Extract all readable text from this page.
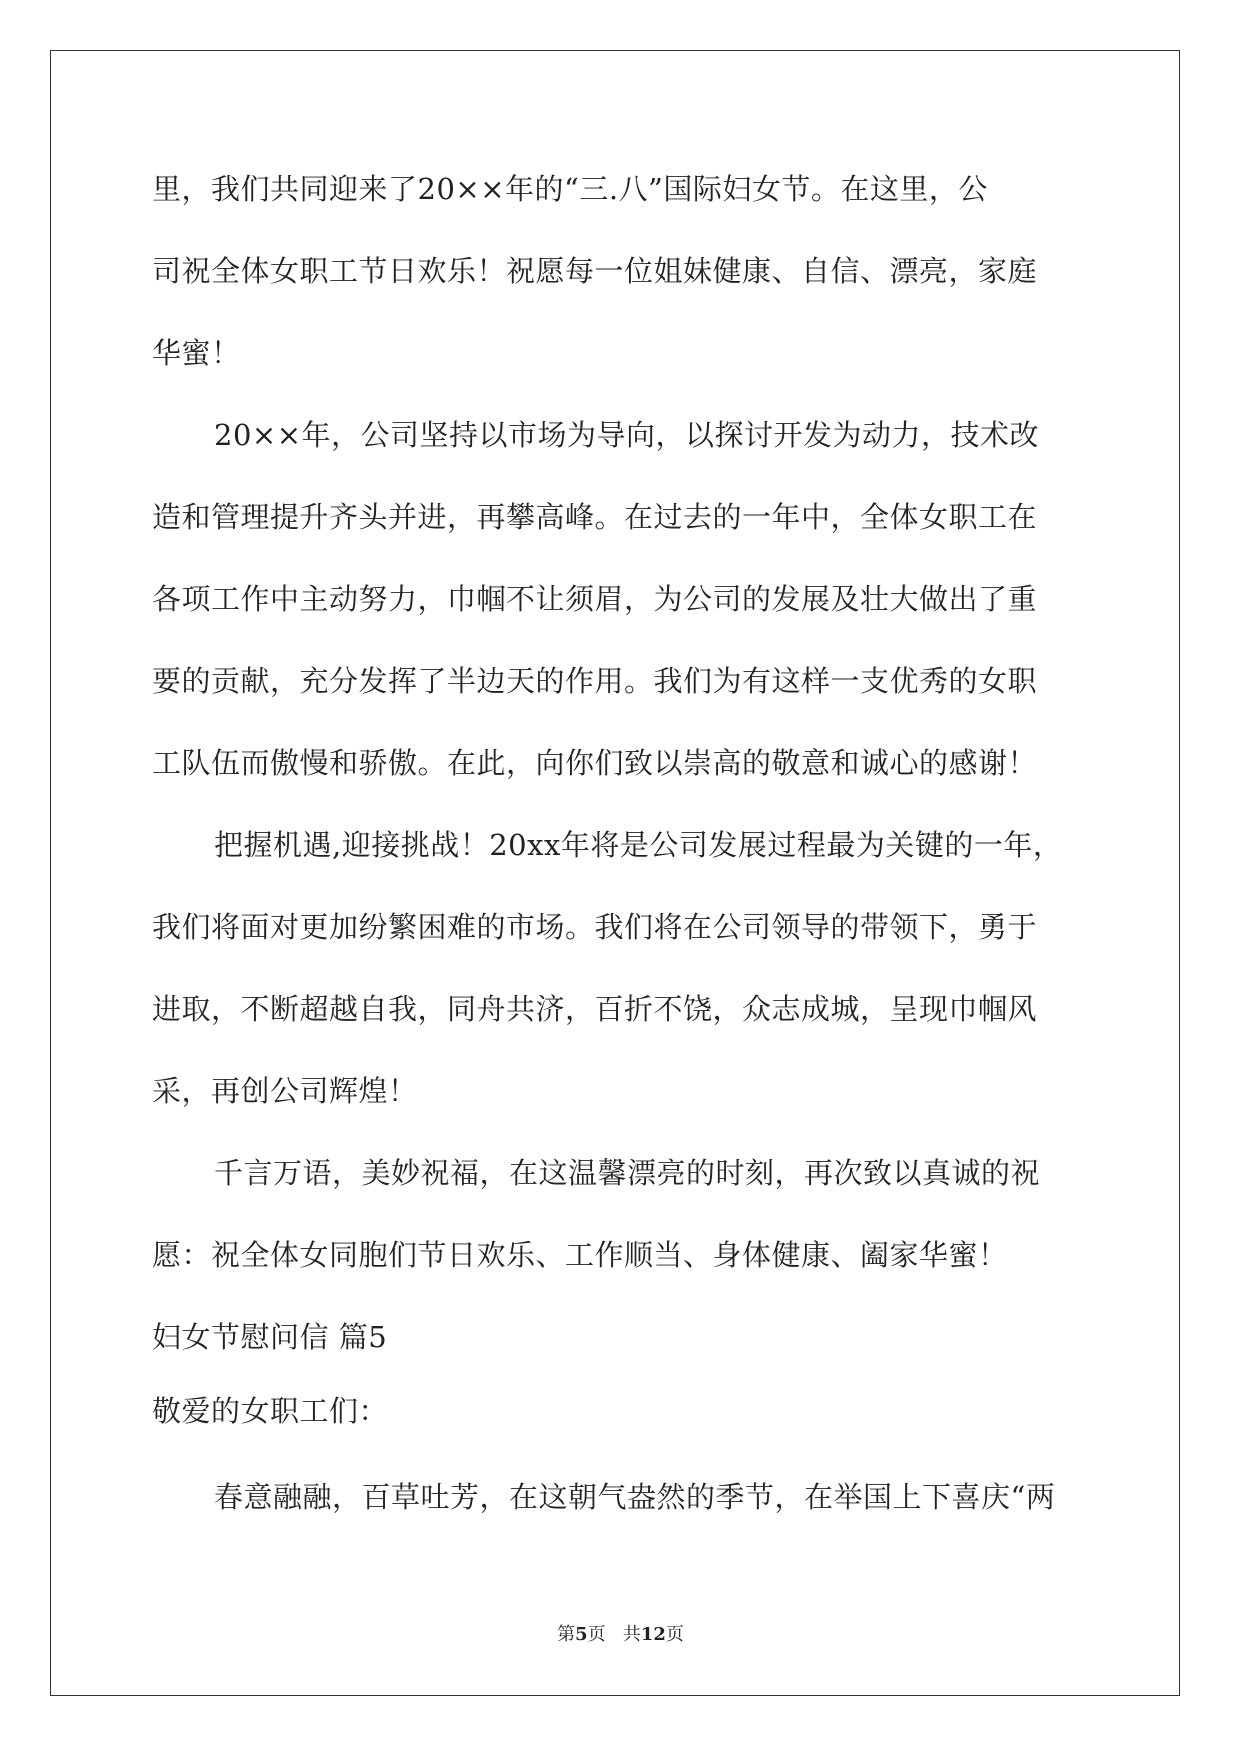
里，我们共同迎来了20××年的“三.八”国际妇女节。在这里，公
司祝全体女职工节日欢乐！祝愿每一位姐妹健康、自信、漂亮，家庭
华蜜！
20××年，公司坚持以市场为导向，以探讨开发为动力，技术改
造和管理提升齐头并进，再攀高峰。在过去的一年中，全体女职工在
各项工作中主动努力，巾帼不让须眉，为公司的发展及壮大做出了重
要的贡献，充分发挥了半边天的作用。我们为有这样一支优秀的女职
工队伍而傲慢和骄傲。在此，向你们致以崇高的敬意和诚心的感谢！
把握机遇,迎接挑战！20xx年将是公司发展过程最为关键的一年，
我们将面对更加纷繁困难的市场。我们将在公司领导的带领下，勇于
进取，不断超越自我，同舟共济，百折不饶，众志成城，呈现巾帼风
采，再创公司辉煌！
千言万语，美妙祝福，在这温馨漂亮的时刻，再次致以真诚的祝
愿：祝全体女同胞们节日欢乐、工作顺当、身体健康、阖家华蜜！
妇女节慰问信 篇5
敬爱的女职工们：
春意融融，百草吐芳，在这朝气盎然的季节，在举国上下喜庆“两
第5页 共12页
